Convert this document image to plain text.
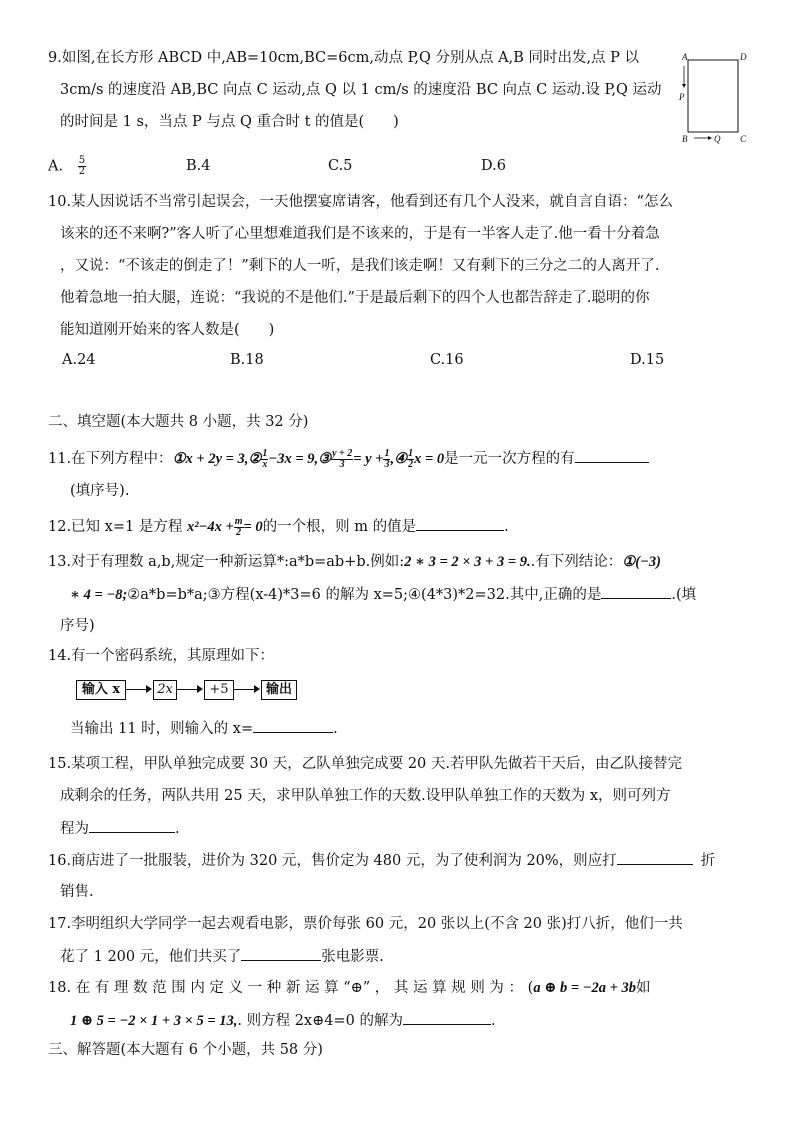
9.如图,在长方形 ABCD 中,AB=10cm,BC=6cm,动点 P,Q 分别从点 A,B 同时出发,点 P 以
3cm/s 的速度沿 AB,BC 向点 C 运动,点 Q 以 1 cm/s 的速度沿 BC 向点 C 运动.设 P,Q 运动
的时间是 1 s，当点 P 与点 Q 重合时 t 的值是(　　)
A	D
B	C
P
Q
A. $\frac{5}{2}$	B.4	C.5	D.6
10.某人因说话不当常引起误会，一天他摆宴席请客，他看到还有几个人没来，就自言自语：“怎么
该来的还不来啊?”客人听了心里想难道我们是不该来的，于是有一半客人走了.他一看十分着急
，又说：“不该走的倒走了！”剩下的人一听，是我们该走啊！又有剩下的三分之二的人离开了.
他着急地一拍大腿，连说：“我说的不是他们.”于是最后剩下的四个人也都告辞走了.聪明的你
能知道刚开始来的客人数是(　　)
A.24	B.18	C.16	D.15
二、填空题(本大题共 8 小题，共 32 分)
11.在下列方程中：①x + 2y = 3,② $\frac{1}{x} -3x$ = 9,③ $\frac{y + 2}{3} = y + \frac{1}{3}$ ,④ $\frac{1}{2}$ x = 0是一元一次方程的有
(填序号).
12.已知 x=1 是方程 $x^2-4x + \frac{m}{2} = 0$的一个根，则 m 的值是	.
13.对于有理数 a,b,规定一种新运算*:a*b=ab+b.例如:2 ∗ 3 = 2 × 3 + 3 = 9..有下列结论：①(−3)
∗ 4 = −8;②a*b=b*a;③方程(x-4)*3=6 的解为 x=5;④(4*3)*2=32.其中,正确的是	.(填
序号)
14.有一个密码系统，其原理如下：
输入 x	2x	+5	输出
当输出 11 时，则输入的 x=	.
15.某项工程，甲队单独完成要 30 天，乙队单独完成要 20 天.若甲队先做若干天后，由乙队接替完
成剩余的任务，两队共用 25 天，求甲队单独工作的天数.设甲队单独工作的天数为 x，则可列方
程为	.
16.商店进了一批服装，进价为 320 元，售价定为 480 元，为了使利润为 20%，则应打	折
销售.
17.李明组织大学同学一起去观看电影，票价每张 60 元，20 张以上(不含 20 张)打八折，他们一共
花了 1 200 元，他们共买了	张电影票.
18. 在 有 理 数 范 围 内 定 义 一 种 新 运 算 “⊕” ， 其 运 算 规 则 为 ： (a ⊕ b = −2a + 3b如
1 ⊕ 5 = −2 × 1 + 3 × 5 = 13,. 则方程 2x⊕4=0 的解为	.
三、解答题(本大题有 6 个小题，共 58 分)
